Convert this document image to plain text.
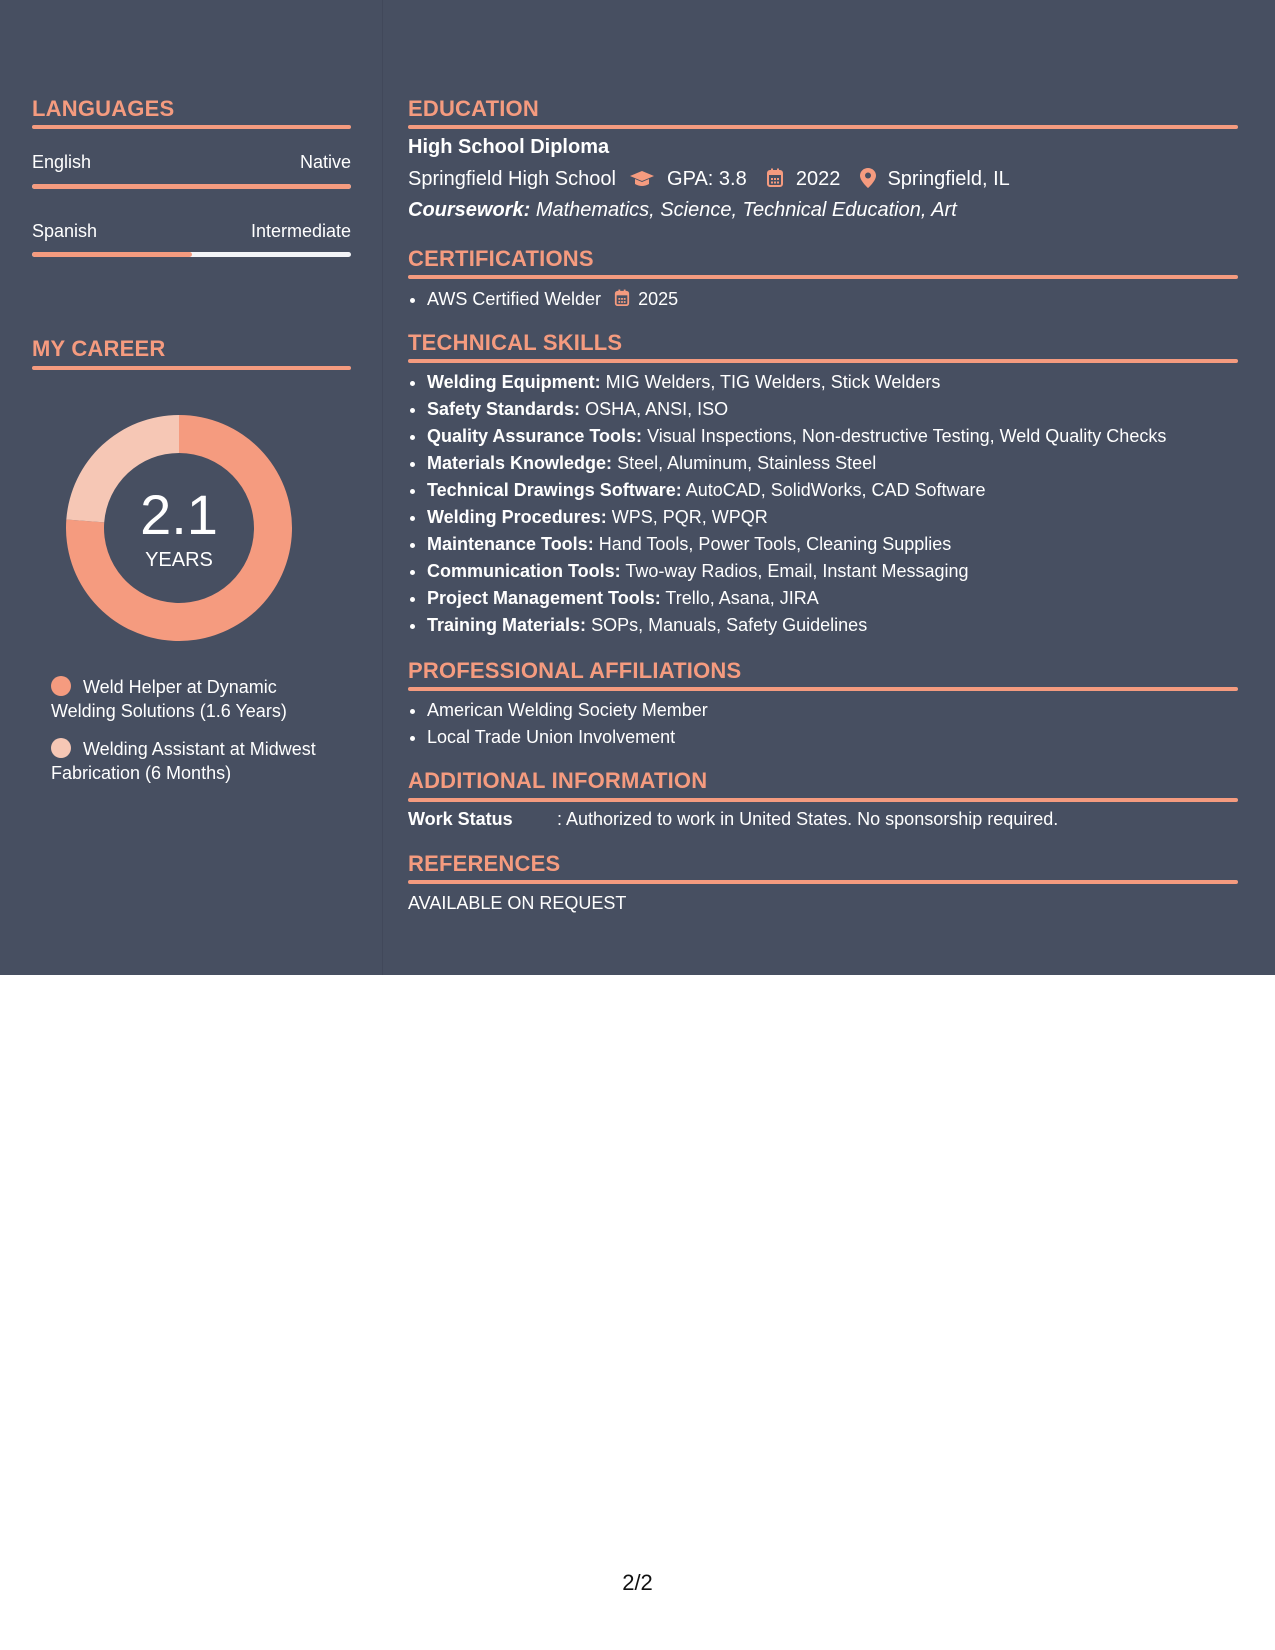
LANGUAGES
English	Native
Spanish	Intermediate
MY CAREER
2.1
YEARS
Weld Helper at Dynamic Welding Solutions (1.6 Years)
Welding Assistant at Midwest Fabrication (6 Months)
EDUCATION
High School Diploma
Springfield High School	GPA: 3.8 2022 Springfield, IL
Coursework: Mathematics, Science, Technical Education, Art
CERTIFICATIONS
• AWS Certified Welder 2025
TECHNICAL SKILLS
• Welding Equipment: MIG Welders, TIG Welders, Stick Welders
• Safety Standards: OSHA, ANSI, ISO
• Quality Assurance Tools: Visual Inspections, Non-destructive Testing, Weld Quality Checks
• Materials Knowledge: Steel, Aluminum, Stainless Steel
• Technical Drawings Software: AutoCAD, SolidWorks, CAD Software
• Welding Procedures: WPS, PQR, WPQR
• Maintenance Tools: Hand Tools, Power Tools, Cleaning Supplies
• Communication Tools: Two-way Radios, Email, Instant Messaging
• Project Management Tools: Trello, Asana, JIRA
• Training Materials: SOPs, Manuals, Safety Guidelines
PROFESSIONAL AFFILIATIONS
• American Welding Society Member
• Local Trade Union Involvement
ADDITIONAL INFORMATION
Work Status : Authorized to work in United States. No sponsorship required.
REFERENCES
AVAILABLE ON REQUEST
2/2
